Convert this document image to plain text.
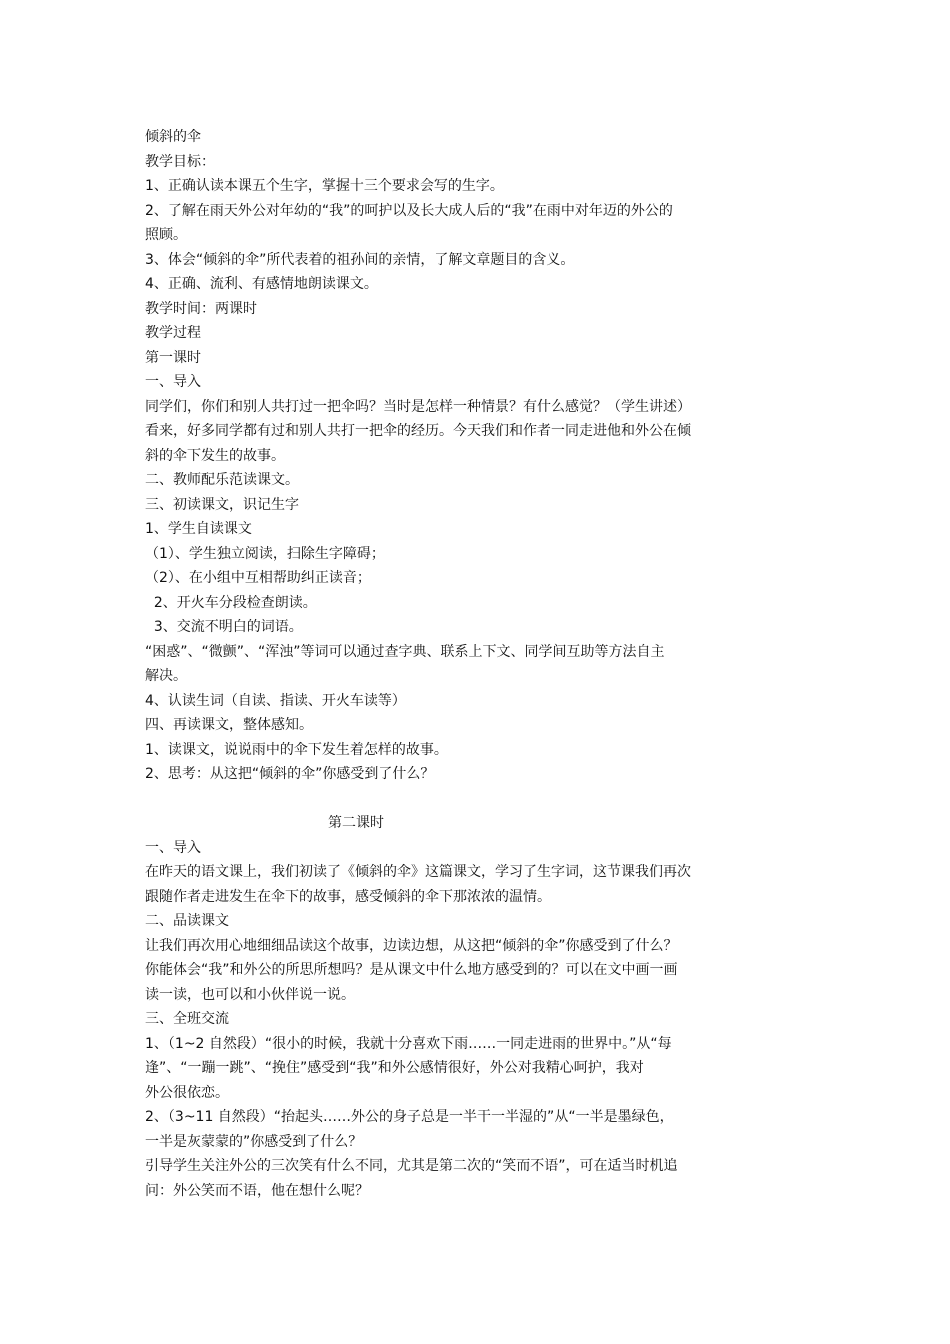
倾斜的伞
教学目标：
1、正确认读本课五个生字，掌握十三个要求会写的生字。
2、了解在雨天外公对年幼的“我”的呵护以及长大成人后的“我”在雨中对年迈的外公的
照顾。
3、体会“倾斜的伞”所代表着的祖孙间的亲情，了解文章题目的含义。
4、正确、流利、有感情地朗读课文。
教学时间：两课时
教学过程
第一课时
一、导入
同学们，你们和别人共打过一把伞吗？当时是怎样一种情景？有什么感觉？（学生讲述）
看来，好多同学都有过和别人共打一把伞的经历。今天我们和作者一同走进他和外公在倾
斜的伞下发生的故事。
二、教师配乐范读课文。
三、初读课文，识记生字
1、学生自读课文
（1）、学生独立阅读，扫除生字障碍；
（2）、在小组中互相帮助纠正读音；
2、开火车分段检查朗读。
3、交流不明白的词语。
“困惑”、“微颤”、“浑浊”等词可以通过查字典、联系上下文、同学间互助等方法自主
解决。
4、认读生词（自读、指读、开火车读等）
四、再读课文，整体感知。
1、读课文，说说雨中的伞下发生着怎样的故事。
2、思考：从这把“倾斜的伞”你感受到了什么？
第二课时
一、导入
在昨天的语文课上，我们初读了《倾斜的伞》这篇课文，学习了生字词，这节课我们再次
跟随作者走进发生在伞下的故事，感受倾斜的伞下那浓浓的温情。
二、品读课文
让我们再次用心地细细品读这个故事，边读边想，从这把“倾斜的伞”你感受到了什么？
你能体会“我”和外公的所思所想吗？是从课文中什么地方感受到的？可以在文中画一画
读一读，也可以和小伙伴说一说。
三、全班交流
1、（1~2 自然段）“很小的时候，我就十分喜欢下雨……一同走进雨的世界中。”从“每
逢”、“一蹦一跳”、“挽住”感受到“我”和外公感情很好，外公对我精心呵护，我对
外公很依恋。
2、（3~11 自然段）“抬起头……外公的身子总是一半干一半湿的”从“一半是墨绿色，
一半是灰蒙蒙的”你感受到了什么？
引导学生关注外公的三次笑有什么不同，尤其是第二次的“笑而不语”，可在适当时机追
问：外公笑而不语，他在想什么呢？
